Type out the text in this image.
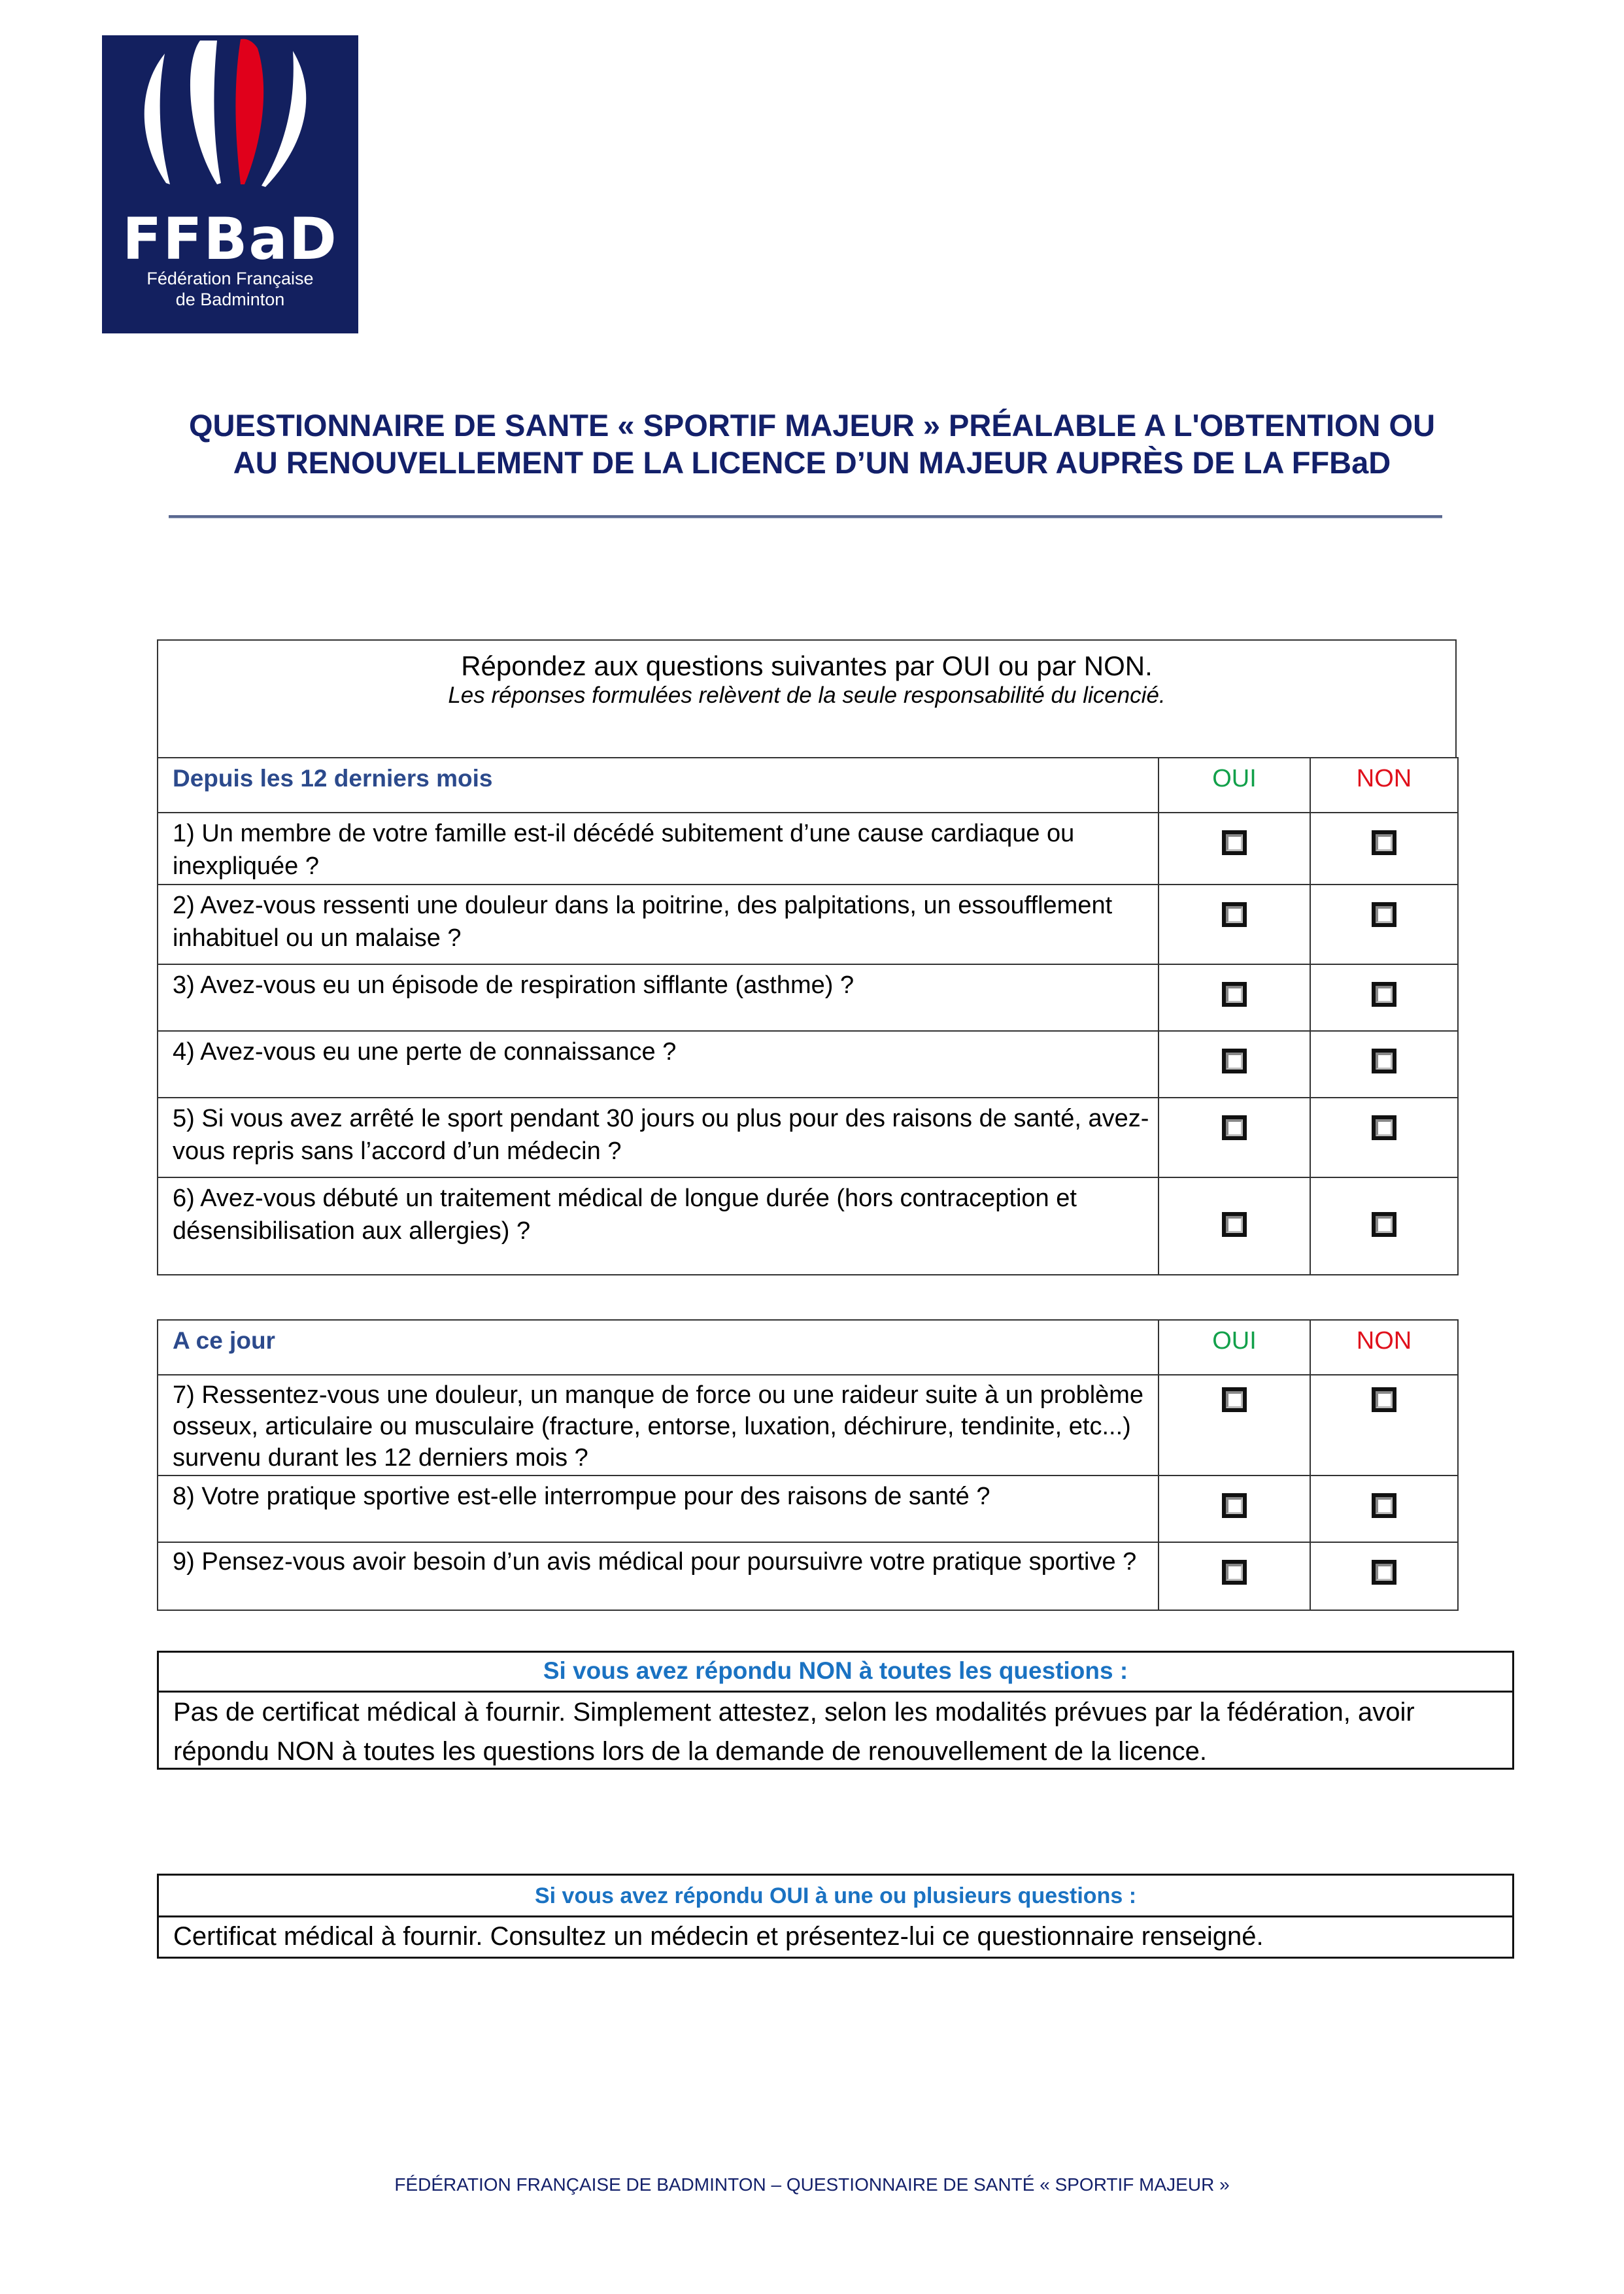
FFBaD
Fédération Française
de Badminton
QUESTIONNAIRE DE SANTE « SPORTIF MAJEUR » PRÉALABLE A L'OBTENTION OU
AU RENOUVELLEMENT DE LA LICENCE D’UN MAJEUR AUPRÈS DE LA FFBaD
Répondez aux questions suivantes par OUI ou par NON.
Les réponses formulées relèvent de la seule responsabilité du licencié.
Depuis les 12 derniers mois	OUI	NON
1) Un membre de votre famille est-il décédé subitement d’une cause cardiaque ou inexpliquée ?		
2) Avez-vous ressenti une douleur dans la poitrine, des palpitations, un essoufflement inhabituel ou un malaise ?		
3) Avez-vous eu un épisode de respiration sifflante (asthme) ?		
4) Avez-vous eu une perte de connaissance ?		
5) Si vous avez arrêté le sport pendant 30 jours ou plus pour des raisons de santé, avez-vous repris sans l’accord d’un médecin ?		
6) Avez-vous débuté un traitement médical de longue durée (hors contraception et désensibilisation aux allergies) ?		
A ce jour	OUI	NON
7) Ressentez-vous une douleur, un manque de force ou une raideur suite à un problème osseux, articulaire ou musculaire (fracture, entorse, luxation, déchirure, tendinite, etc...) survenu durant les 12 derniers mois ?		
8) Votre pratique sportive est-elle interrompue pour des raisons de santé ?		
9) Pensez-vous avoir besoin d’un avis médical pour poursuivre votre pratique sportive ?		
Si vous avez répondu NON à toutes les questions :
Pas de certificat médical à fournir. Simplement attestez, selon les modalités prévues par la fédération, avoir répondu NON à toutes les questions lors de la demande de renouvellement de la licence.
Si vous avez répondu OUI à une ou plusieurs questions :
Certificat médical à fournir. Consultez un médecin et présentez-lui ce questionnaire renseigné.
FÉDÉRATION FRANÇAISE DE BADMINTON – QUESTIONNAIRE DE SANTÉ « SPORTIF MAJEUR »
